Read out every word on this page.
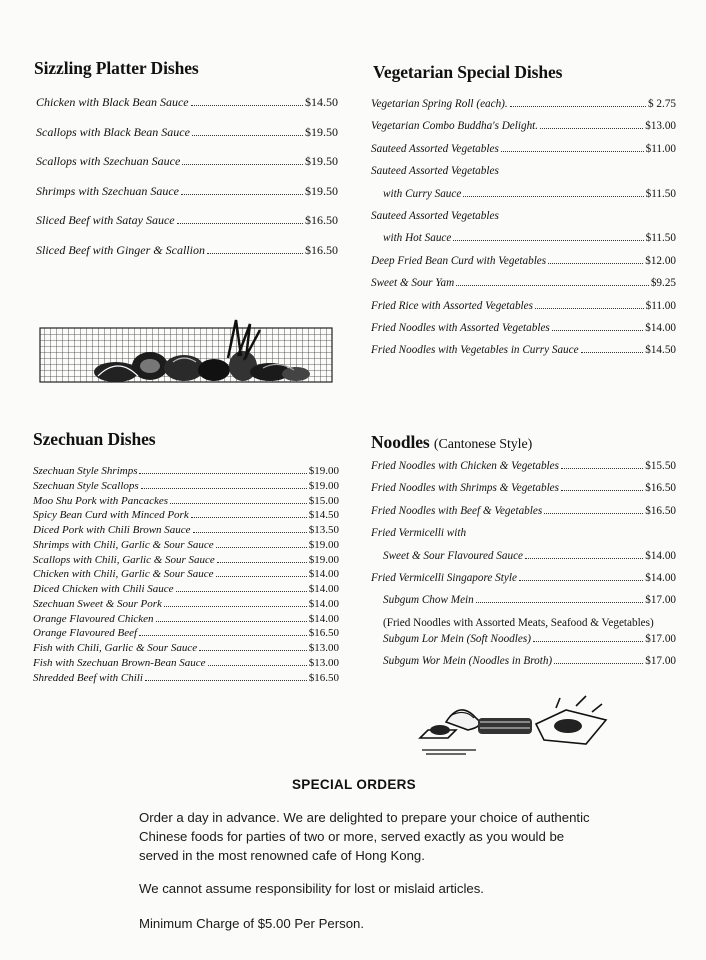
Sizzling Platter Dishes
Chicken with Black Bean Sauce	$14.50
Scallops with Black Bean Sauce	$19.50
Scallops with Szechuan Sauce	$19.50
Shrimps with Szechuan Sauce	$19.50
Sliced Beef with Satay Sauce	$16.50
Sliced Beef with Ginger & Scallion	$16.50
Vegetarian Special Dishes
Vegetarian Spring Roll (each).	$ 2.75
Vegetarian Combo Buddha's Delight.	$13.00
Sauteed Assorted Vegetables	$11.00
Sauteed Assorted Vegetables
with Curry Sauce	$11.50
Sauteed Assorted Vegetables
with Hot Sauce	$11.50
Deep Fried Bean Curd with Vegetables	$12.00
Sweet & Sour Yam	$9.25
Fried Rice with Assorted Vegetables	$11.00
Fried Noodles with Assorted Vegetables	$14.00
Fried Noodles with Vegetables in Curry Sauce	$14.50
Szechuan Dishes
Szechuan Style Shrimps	$19.00
Szechuan Style Scallops	$19.00
Moo Shu Pork with Pancackes	$15.00
Spicy Bean Curd with Minced Pork	$14.50
Diced Pork with Chili Brown Sauce	$13.50
Shrimps with Chili, Garlic & Sour Sauce	$19.00
Scallops with Chili, Garlic & Sour Sauce	$19.00
Chicken with Chili, Garlic & Sour Sauce	$14.00
Diced Chicken with Chili Sauce	$14.00
Szechuan Sweet & Sour Pork	$14.00
Orange Flavoured Chicken	$14.00
Orange Flavoured Beef	$16.50
Fish with Chili, Garlic & Sour Sauce	$13.00
Fish with Szechuan Brown-Bean Sauce	$13.00
Shredded Beef with Chili	$16.50
Noodles (Cantonese Style)
Fried Noodles with Chicken & Vegetables	$15.50
Fried Noodles with Shrimps & Vegetables	$16.50
Fried Noodles with Beef & Vegetables	$16.50
Fried Vermicelli with
Sweet & Sour Flavoured Sauce	$14.00
Fried Vermicelli Singapore Style	$14.00
Subgum Chow Mein	$17.00
(Fried Noodles with Assorted Meats, Seafood & Vegetables)
Subgum Lor Mein (Soft Noodles)	$17.00
Subgum Wor Mein (Noodles in Broth)	$17.00
SPECIAL ORDERS

Order a day in advance. We are delighted to prepare your choice of authentic Chinese foods for parties of two or more, served exactly as you would be served in the most renowned cafe of Hong Kong.

We cannot assume responsibility for lost or mislaid articles.

Minimum Charge of $5.00 Per Person.
